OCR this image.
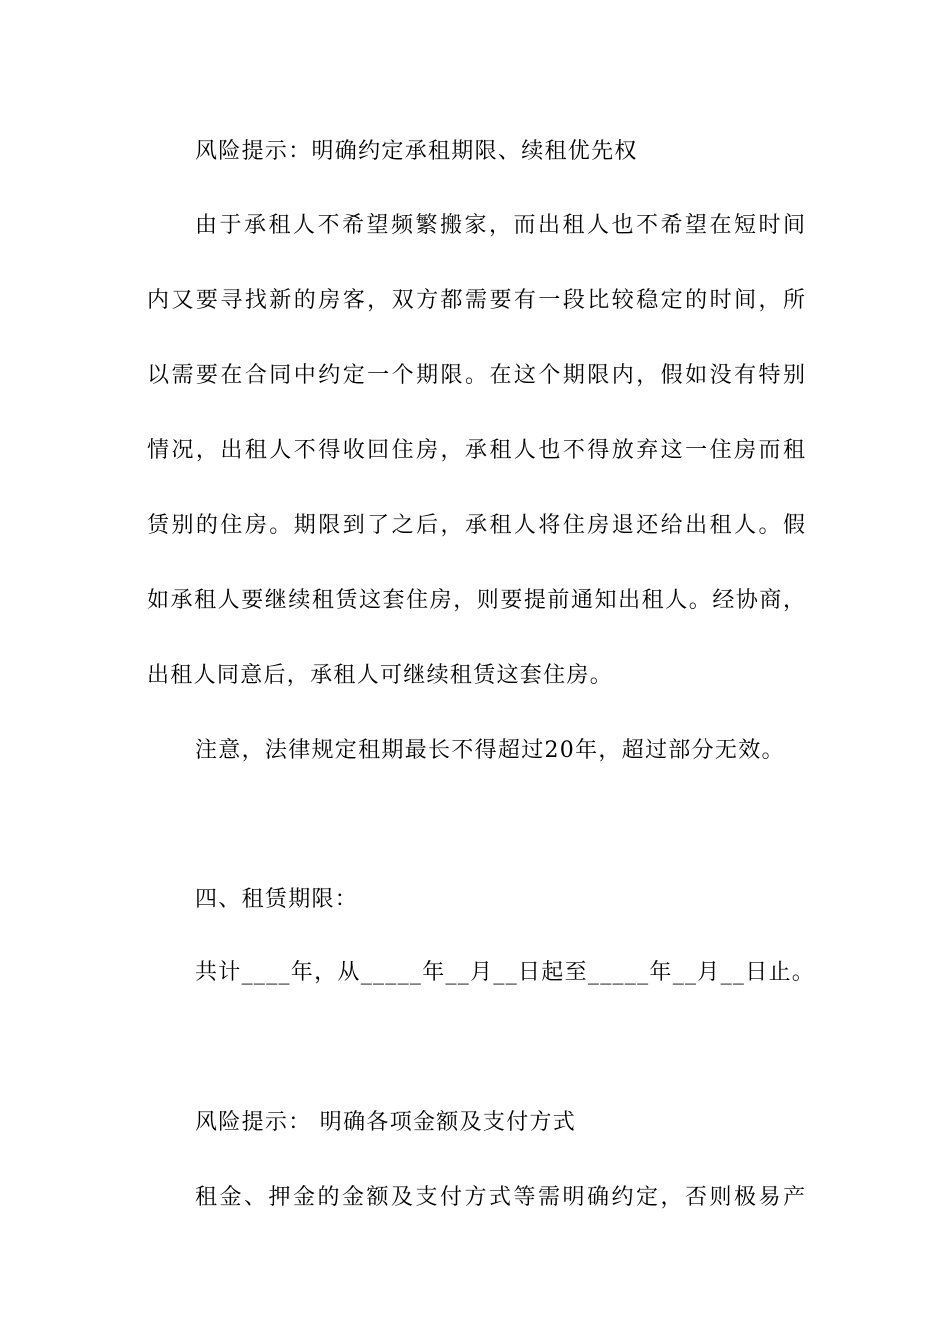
风险提示：明确约定承租期限、续租优先权
由于承租人不希望频繁搬家，而出租人也不希望在短时间
内又要寻找新的房客，双方都需要有一段比较稳定的时间，所
以需要在合同中约定一个期限。在这个期限内，假如没有特别
情况，出租人不得收回住房，承租人也不得放弃这一住房而租
赁别的住房。期限到了之后，承租人将住房退还给出租人。假
如承租人要继续租赁这套住房，则要提前通知出租人。经协商，
出租人同意后，承租人可继续租赁这套住房。
注意，法律规定租期最长不得超过20年，超过部分无效。
四、租赁期限：
共计____年，从_____年__月__日起至_____年__月__日止。
风险提示： 明确各项金额及支付方式
租金、押金的金额及支付方式等需明确约定，否则极易产
